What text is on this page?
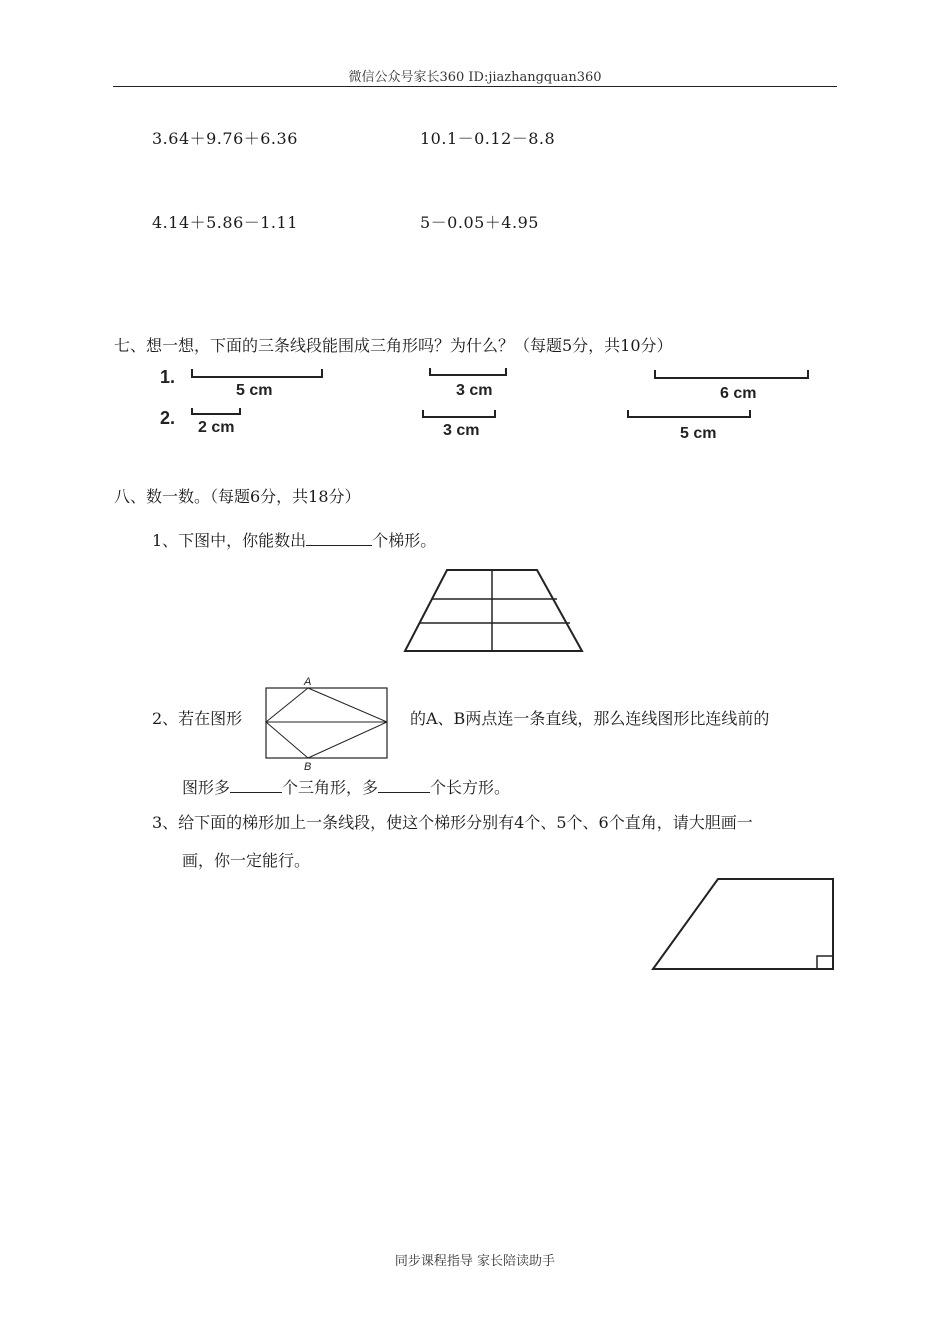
微信公众号家长360 ID:jiazhangquan360
3.64＋9.76＋6.36	10.1－0.12－8.8
4.14＋5.86－1.11	5－0.05＋4.95
七、想一想，下面的三条线段能围成三角形吗？为什么？（每题5分，共10分）
1.
5 cm	3 cm	6 cm
2. 2 cm	3 cm	5 cm
八、数一数。（每题6分，共18分）
1、下图中，你能数出	个梯形。
2、若在图形
A
B
的A、B两点连一条直线，那么连线图形比连线前的
图形多	个三角形，多	个长方形。
3、给下面的梯形加上一条线段，使这个梯形分别有4个、5个、6个直角，请大胆画一
画，你一定能行。
同步课程指导 家长陪读助手
